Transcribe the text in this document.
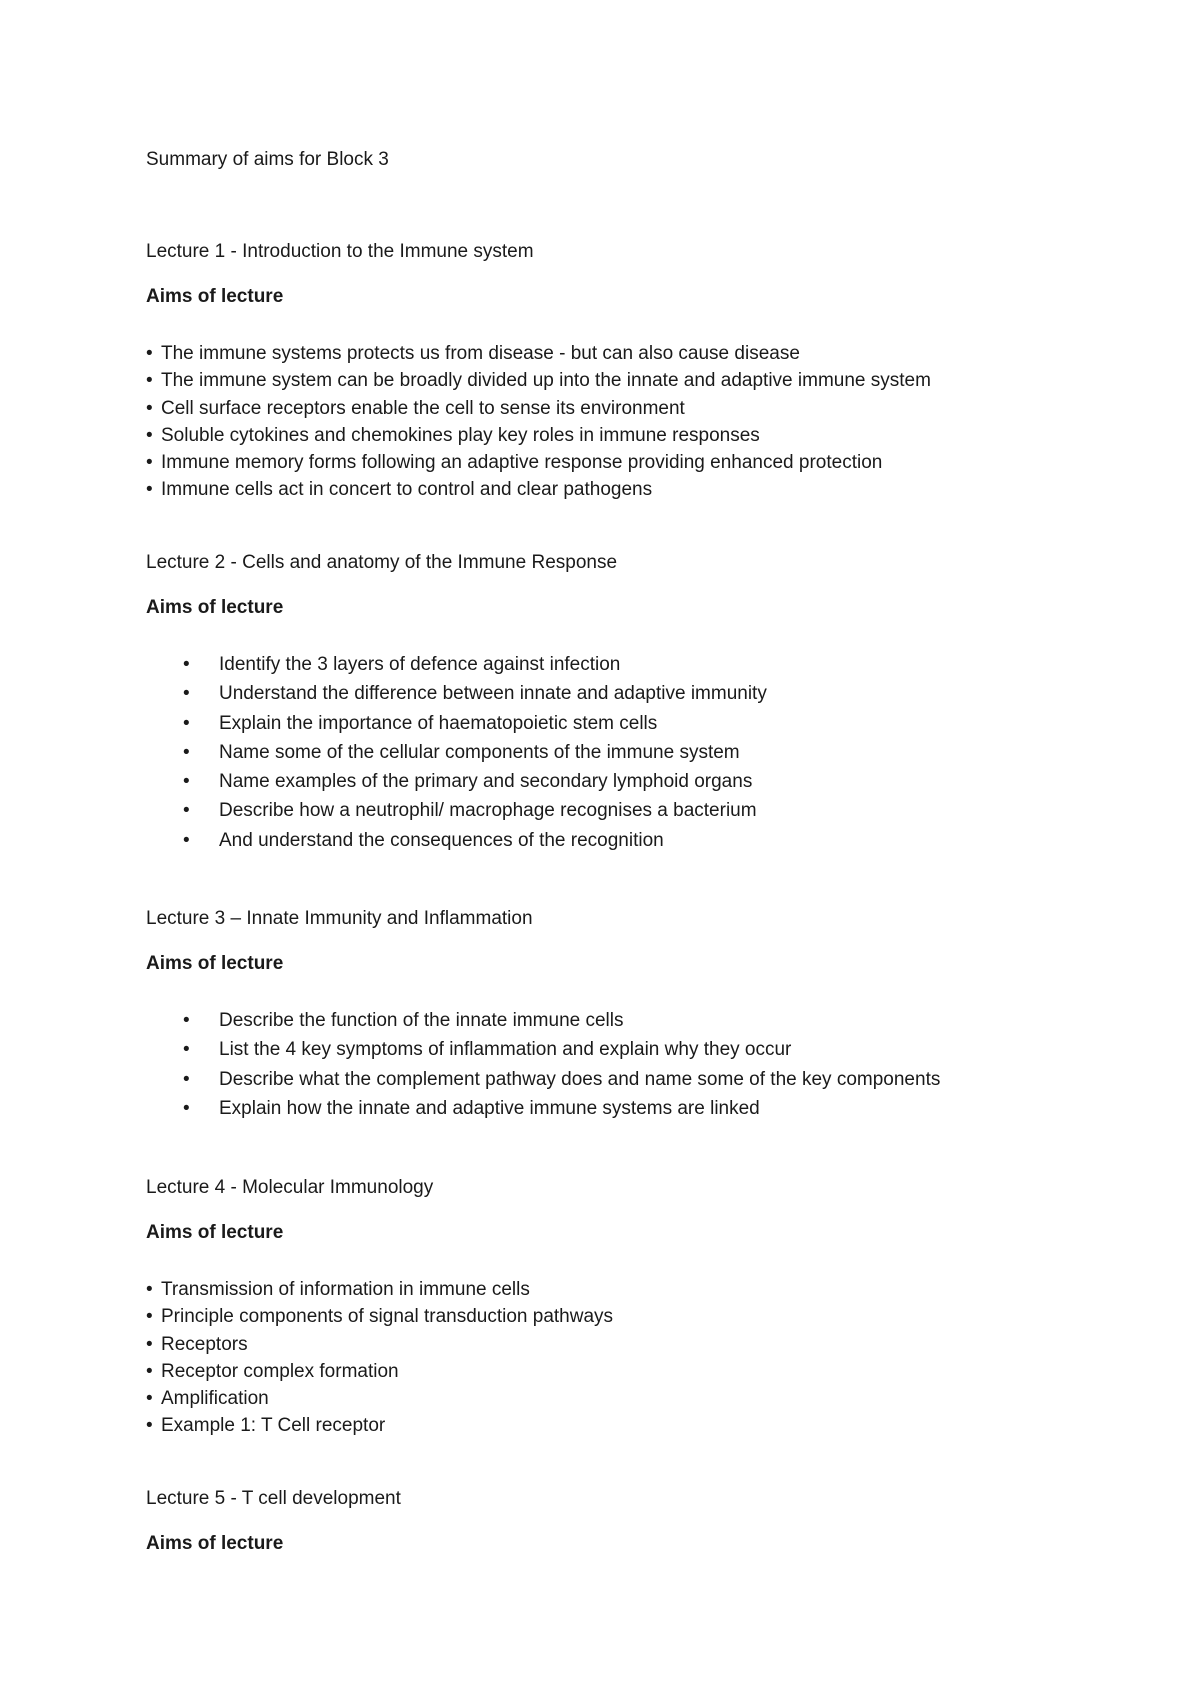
Summary of aims for Block 3
Lecture 1 - Introduction to the Immune system
Aims of lecture
• The immune systems protects us from disease - but can also cause disease
• The immune system can be broadly divided up into the innate and adaptive immune system
• Cell surface receptors enable the cell to sense its environment
• Soluble cytokines and chemokines play key roles in immune responses
• Immune memory forms following an adaptive response providing enhanced protection
• Immune cells act in concert to control and clear pathogens
Lecture 2 - Cells and anatomy of the Immune Response
Aims of lecture
• Identify the 3 layers of defence against infection
• Understand the difference between innate and adaptive immunity
• Explain the importance of haematopoietic stem cells
• Name some of the cellular components of the immune system
• Name examples of the primary and secondary lymphoid organs
• Describe how a neutrophil/ macrophage recognises a bacterium
• And understand the consequences of the recognition
Lecture 3 – Innate Immunity and Inflammation
Aims of lecture
• Describe the function of the innate immune cells
• List the 4 key symptoms of inflammation and explain why they occur
• Describe what the complement pathway does and name some of the key components
• Explain how the innate and adaptive immune systems are linked
Lecture 4 - Molecular Immunology
Aims of lecture
• Transmission of information in immune cells
• Principle components of signal transduction pathways
• Receptors
• Receptor complex formation
• Amplification
• Example 1: T Cell receptor
Lecture 5 - T cell development
Aims of lecture
